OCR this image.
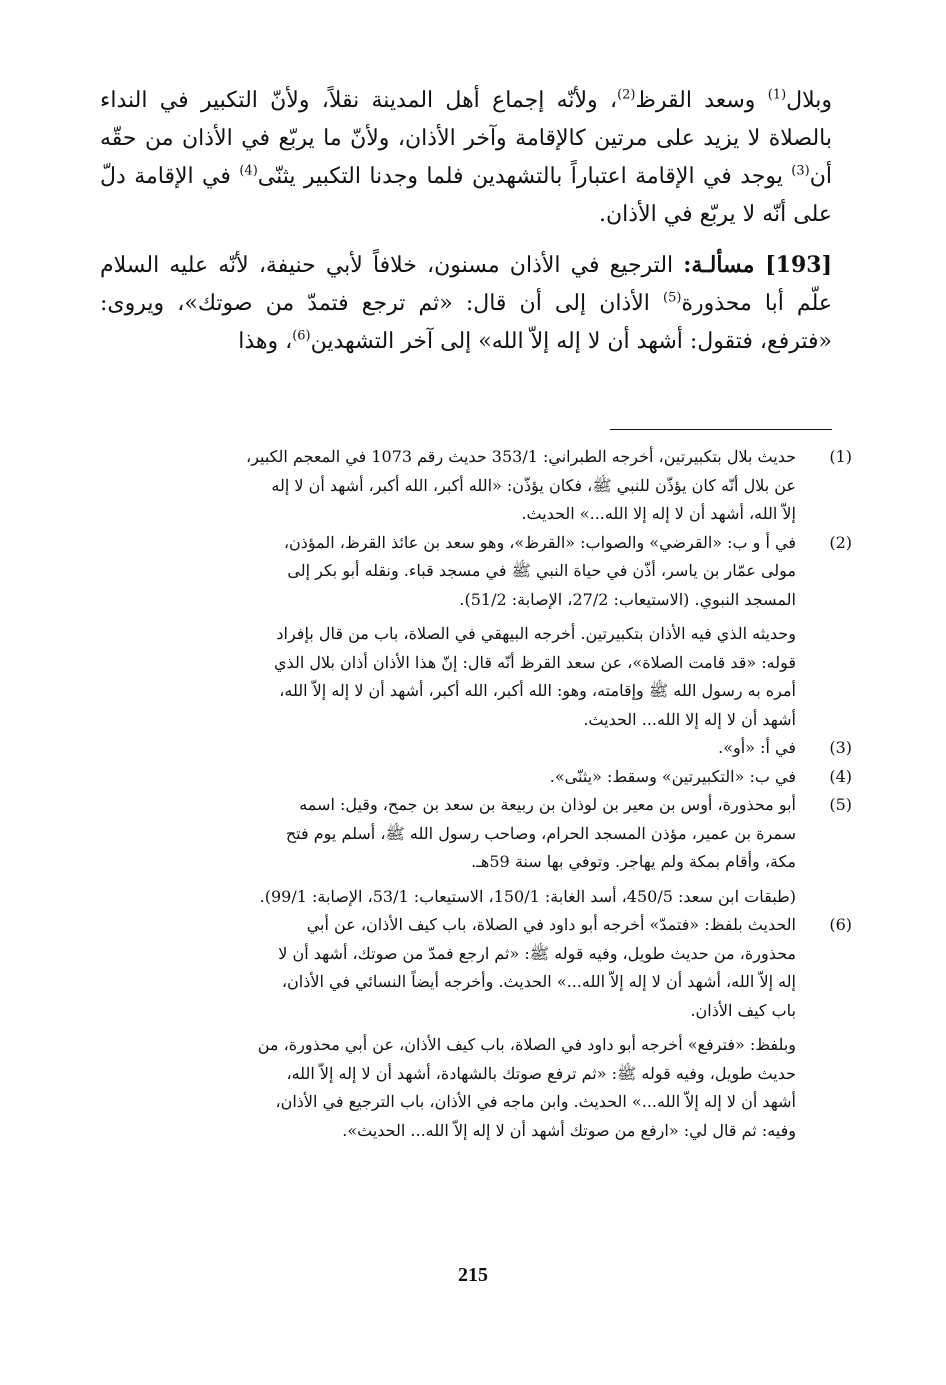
وبلال$^{(1)}$ وسعد القرظ$^{(2)}$، ولأنّه إجماع أهل المدينة نقلاً، ولأنّ التكبير في النداء بالصلاة لا يزيد على مرتين كالإقامة وآخر الأذان، ولأنّ ما يربّع في الأذان من حقّه أن$^{(3)}$ يوجد في الإقامة اعتباراً بالتشهدين فلما وجدنا التكبير يثنّى$^{(4)}$ في الإقامة دلّ على أنّه لا يربّع في الأذان.

[193] مسألـة: الترجيع في الأذان مسنون، خلافاً لأبي حنيفة، لأنّه عليه السلام علّم أبا محذورة$^{(5)}$ الأذان إلى أن قال: «ثم ترجع فتمدّ من صوتك»، ويروى: «فترفع، فتقول: أشهد أن لا إله إلاّ الله» إلى آخر التشهدين$^{(6)}$، وهذا

(1)
حديث بلال بتكبيرتين، أخرجه الطبراني: 353/1 حديث رقم 1073 في المعجم الكبير،
عن بلال أنّه كان يؤذّن للنبي ﷺ، فكان يؤذّن: «الله أكبر، الله أكبر، أشهد أن لا إله
إلاّ الله، أشهد أن لا إله إلا الله...» الحديث.
(2)
في أ و ب: «القرضي» والصواب: «القرظ»، وهو سعد بن عائذ القرظ، المؤذن،
مولى عمّار بن ياسر، أذّن في حياة النبي ﷺ في مسجد قباء. ونقله أبو بكر إلى
المسجد النبوي. (الاستيعاب: 27/2، الإصابة: 51/2).
وحديثه الذي فيه الأذان بتكبيرتين. أخرجه البيهقي في الصلاة، باب من قال بإفراد
قوله: «قد قامت الصلاة»، عن سعد القرظ أنّه قال: إنّ هذا الأذان أذان بلال الذي
أمره به رسول الله ﷺ وإقامته، وهو: الله أكبر، الله أكبر، أشهد أن لا إله إلاّ الله،
أشهد أن لا إله إلا الله... الحديث.
(3)
في أ: «أو».
(4)
في ب: «التكبيرتين» وسقط: «يثنّى».
(5)
أبو محذورة، أوس بن معير بن لوذان بن ربيعة بن سعد بن جمح، وقيل: اسمه
سمرة بن عمير، مؤذن المسجد الحرام، وصاحب رسول الله ﷺ، أسلم يوم فتح
مكة، وأقام بمكة ولم يهاجر. وتوفي بها سنة 59هـ.
(طبقات ابن سعد: 450/5، أسد الغابة: 150/1، الاستيعاب: 53/1، الإصابة: 99/1).
(6)
الحديث بلفظ: «فتمدّ» أخرجه أبو داود في الصلاة، باب كيف الأذان، عن أبي
محذورة، من حديث طويل، وفيه قوله ﷺ: «ثم ارجع فمدّ من صوتك، أشهد أن لا
إله إلاّ الله، أشهد أن لا إله إلاّ الله...» الحديث. وأخرجه أيضاً النسائي في الأذان،
باب كيف الأذان.
وبلفظ: «فترفع» أخرجه أبو داود في الصلاة، باب كيف الأذان، عن أبي محذورة، من
حديث طويل، وفيه قوله ﷺ: «ثم ترفع صوتك بالشهادة، أشهد أن لا إله إلاّ الله،
أشهد أن لا إله إلاّ الله...» الحديث. وابن ماجه في الأذان، باب الترجيع في الأذان،
وفيه: ثم قال لي: «ارفع من صوتك أشهد أن لا إله إلاّ الله... الحديث».
215
